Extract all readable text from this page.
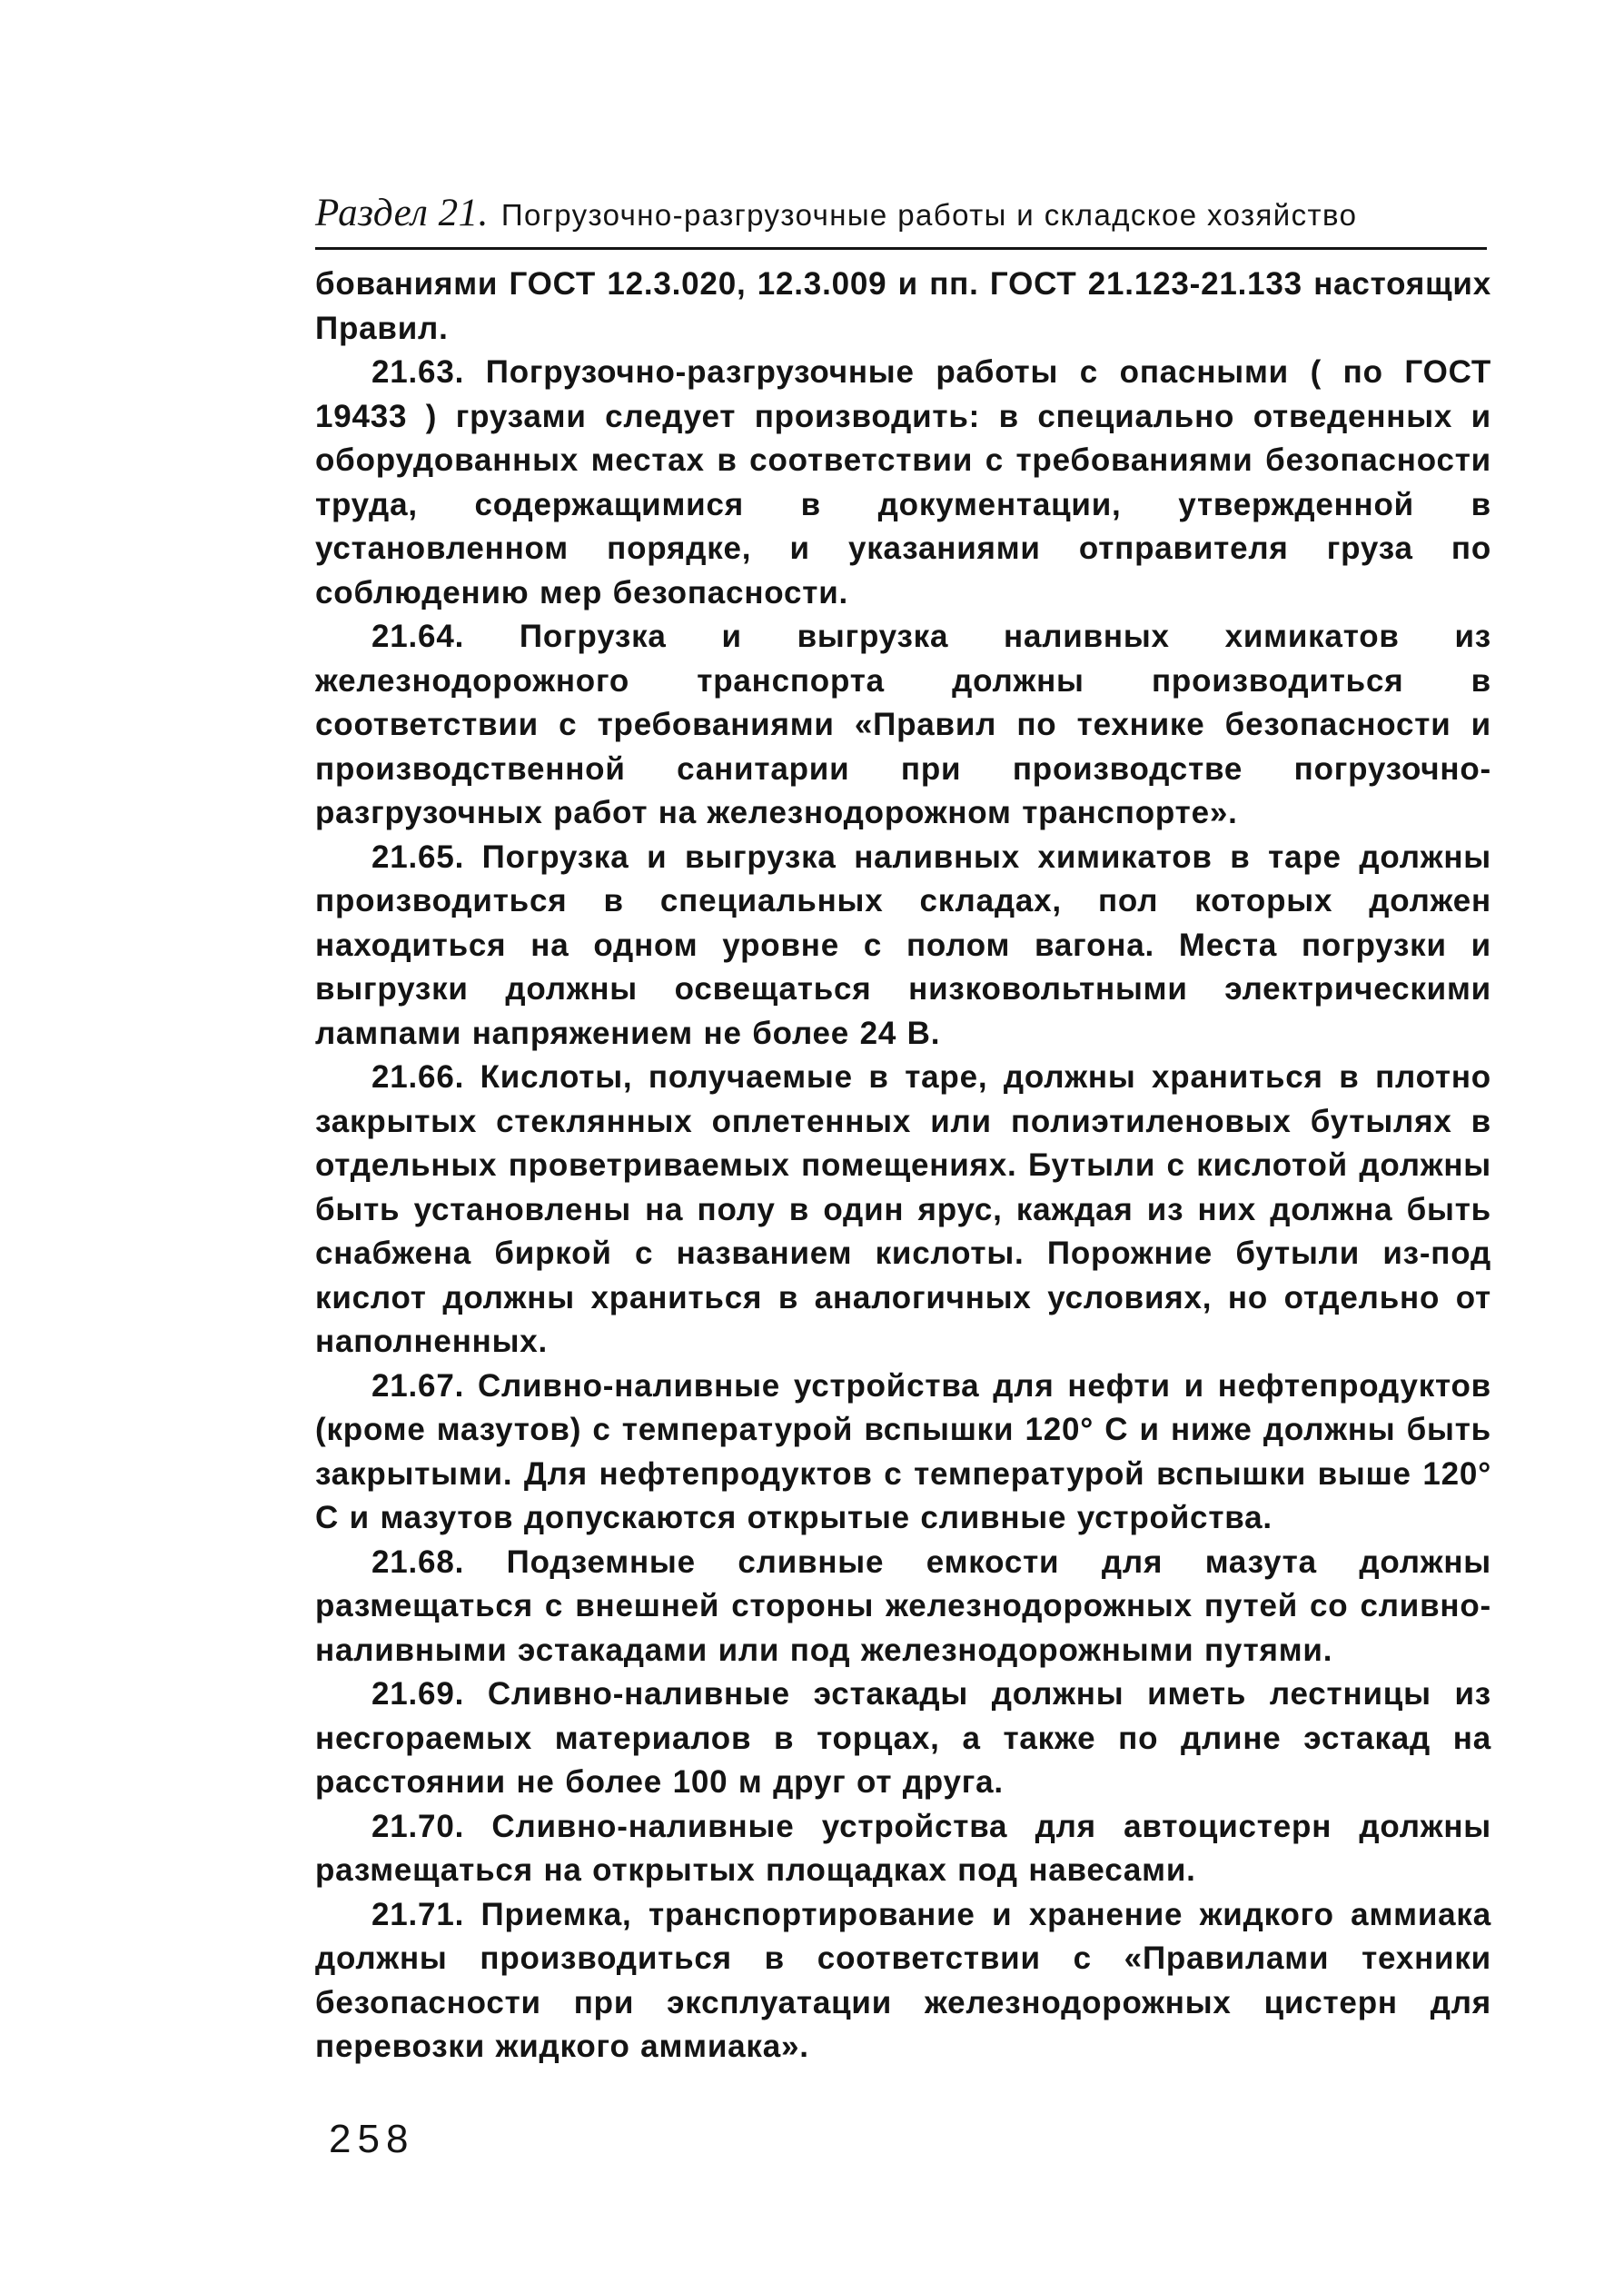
Раздел 21. Погрузочно-разгрузочные работы и складское хозяйство

бованиями ГОСТ 12.3.020, 12.3.009 и пп. ГОСТ 21.123-21.133 настоящих Правил.

21.63. Погрузочно-разгрузочные работы с опасными ( по ГОСТ 19433 ) грузами следует производить: в специально отведенных и оборудованных местах в соответствии с требованиями безопасности труда, содержащимися в документации, утвержденной в установленном порядке, и указаниями отправителя груза по соблюдению мер безопасности.

21.64. Погрузка и выгрузка наливных химикатов из железнодорожного транспорта должны производиться в соответствии с требованиями «Правил по технике безопасности и производственной санитарии при производстве погрузочно-разгрузочных работ на железнодорожном транспорте».

21.65. Погрузка и выгрузка наливных химикатов в таре должны производиться в специальных складах, пол которых должен находиться на одном уровне с полом вагона. Места погрузки и выгрузки должны освещаться низковольтными электрическими лампами напряжением не более 24 В.

21.66. Кислоты, получаемые в таре, должны храниться в плотно закрытых стеклянных оплетенных или полиэтиленовых бутылях в отдельных проветриваемых помещениях. Бутыли с кислотой должны быть установлены на полу в один ярус, каждая из них должна быть снабжена биркой с названием кислоты. Порожние бутыли из-под кислот должны храниться в аналогичных условиях, но отдельно от наполненных.

21.67. Сливно-наливные устройства для нефти и нефтепродуктов (кроме мазутов) с температурой вспышки 120° С и ниже должны быть закрытыми. Для нефтепродуктов с температурой вспышки выше 120° С и мазутов допускаются открытые сливные устройства.

21.68. Подземные сливные емкости для мазута должны размещаться с внешней стороны железнодорожных путей со сливно-наливными эстакадами или под железнодорожными путями.

21.69. Сливно-наливные эстакады должны иметь лестницы из несгораемых материалов в торцах, а также по длине эстакад на расстоянии не более 100 м друг от друга.

21.70. Сливно-наливные устройства для автоцистерн должны размещаться на открытых площадках под навесами.

21.71. Приемка, транспортирование и хранение жидкого аммиака должны производиться в соответствии с «Правилами техники безопасности при эксплуатации железнодорожных цистерн для перевозки жидкого аммиака».

258
